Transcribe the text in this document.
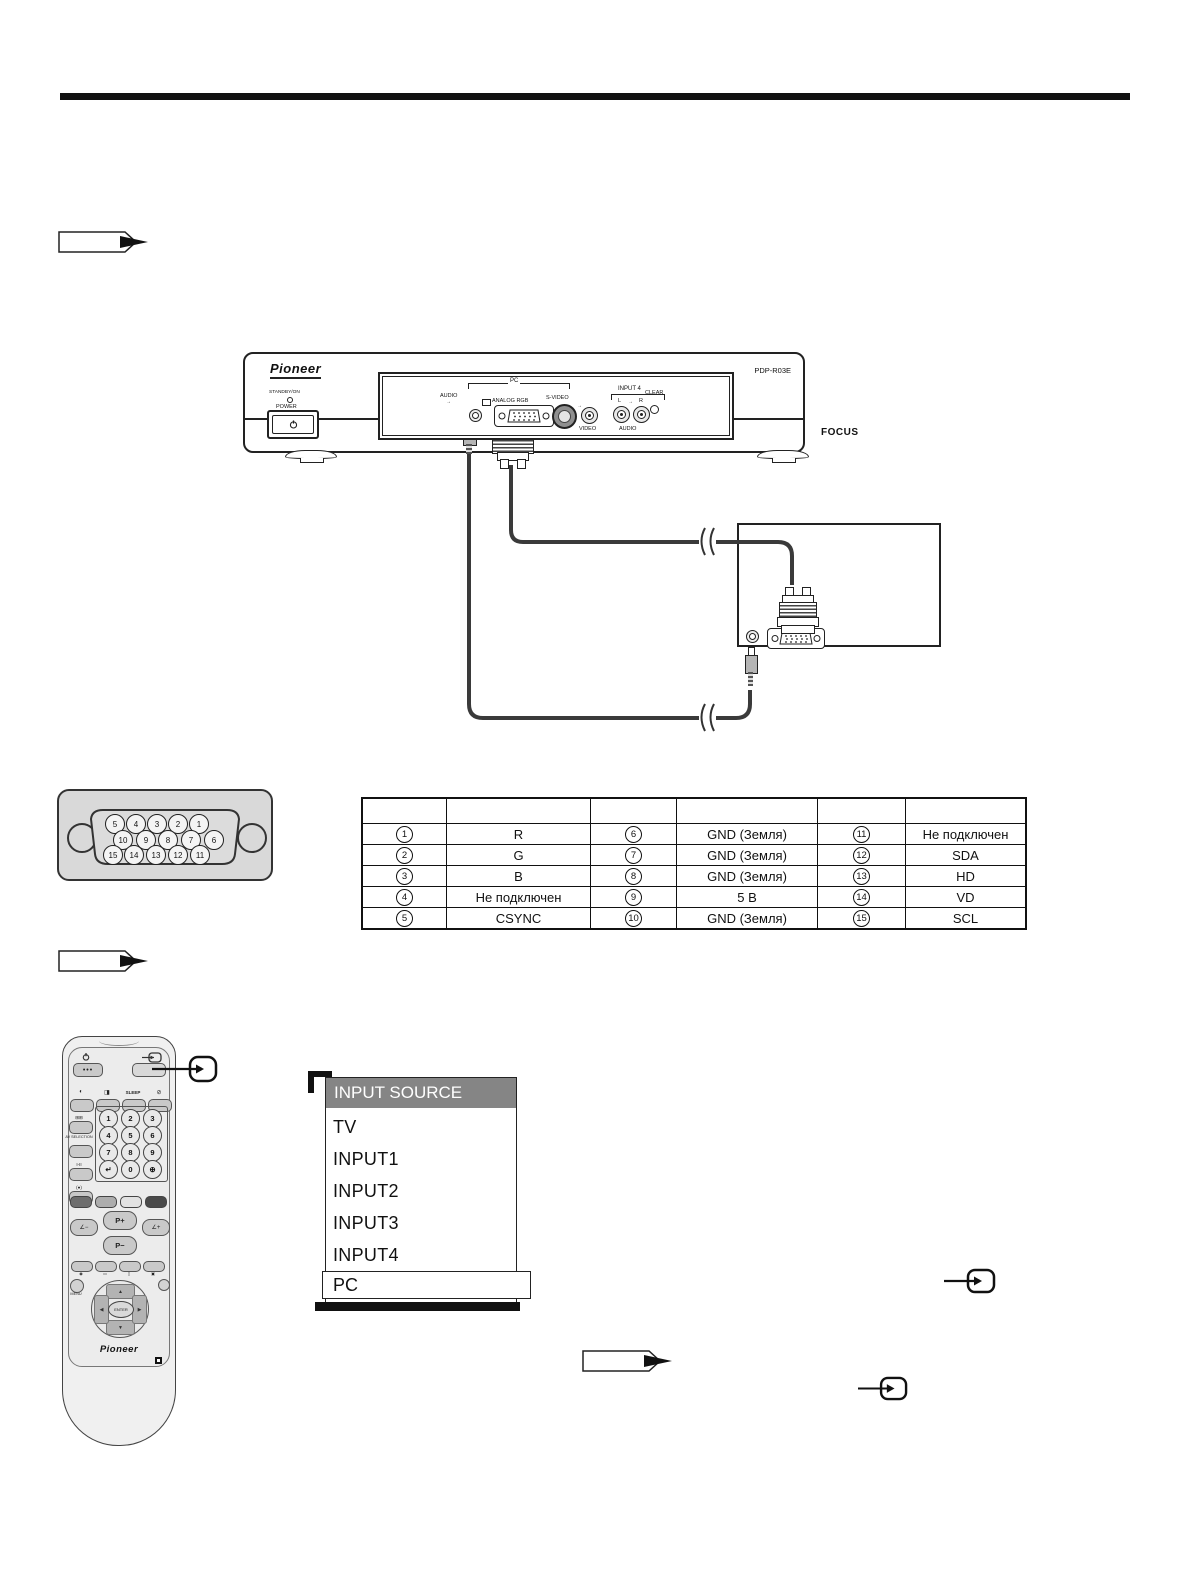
Pioneer	PDP-R03E
STANDBY/ON
POWER
PC
AUDIO
→	ANALOG RGB	S-VIDEO
→
VIDEO
INPUT 4
L → R
AUDIO
CLEAR
FOCUS
5	4	3	2	1
10	9	8	7	6
15	14	13	12	11

1	R	6	GND (Земля)	11	Не подключен
2	G	7	GND (Земля)	12	SDA
3	B	8	GND (Земля)	13	HD
4	Не подключен	9	5 В	14	VD
5	CSYNC	10	GND (Земля)	15	SCL
•••
◐	◨	SLEEP	⊘
⊞⊞
AV SELECTION
I-II
(●)
1	2	3
4	5	6
7	8	9
↵	0	⊕
P+
P−
∠−	∠+
◉	▭	▯	▣
MENU	▲
▼
◀	▶
ENTER
Pioneer
INPUT SOURCE
TV
INPUT1
INPUT2
INPUT3
INPUT4
PC
